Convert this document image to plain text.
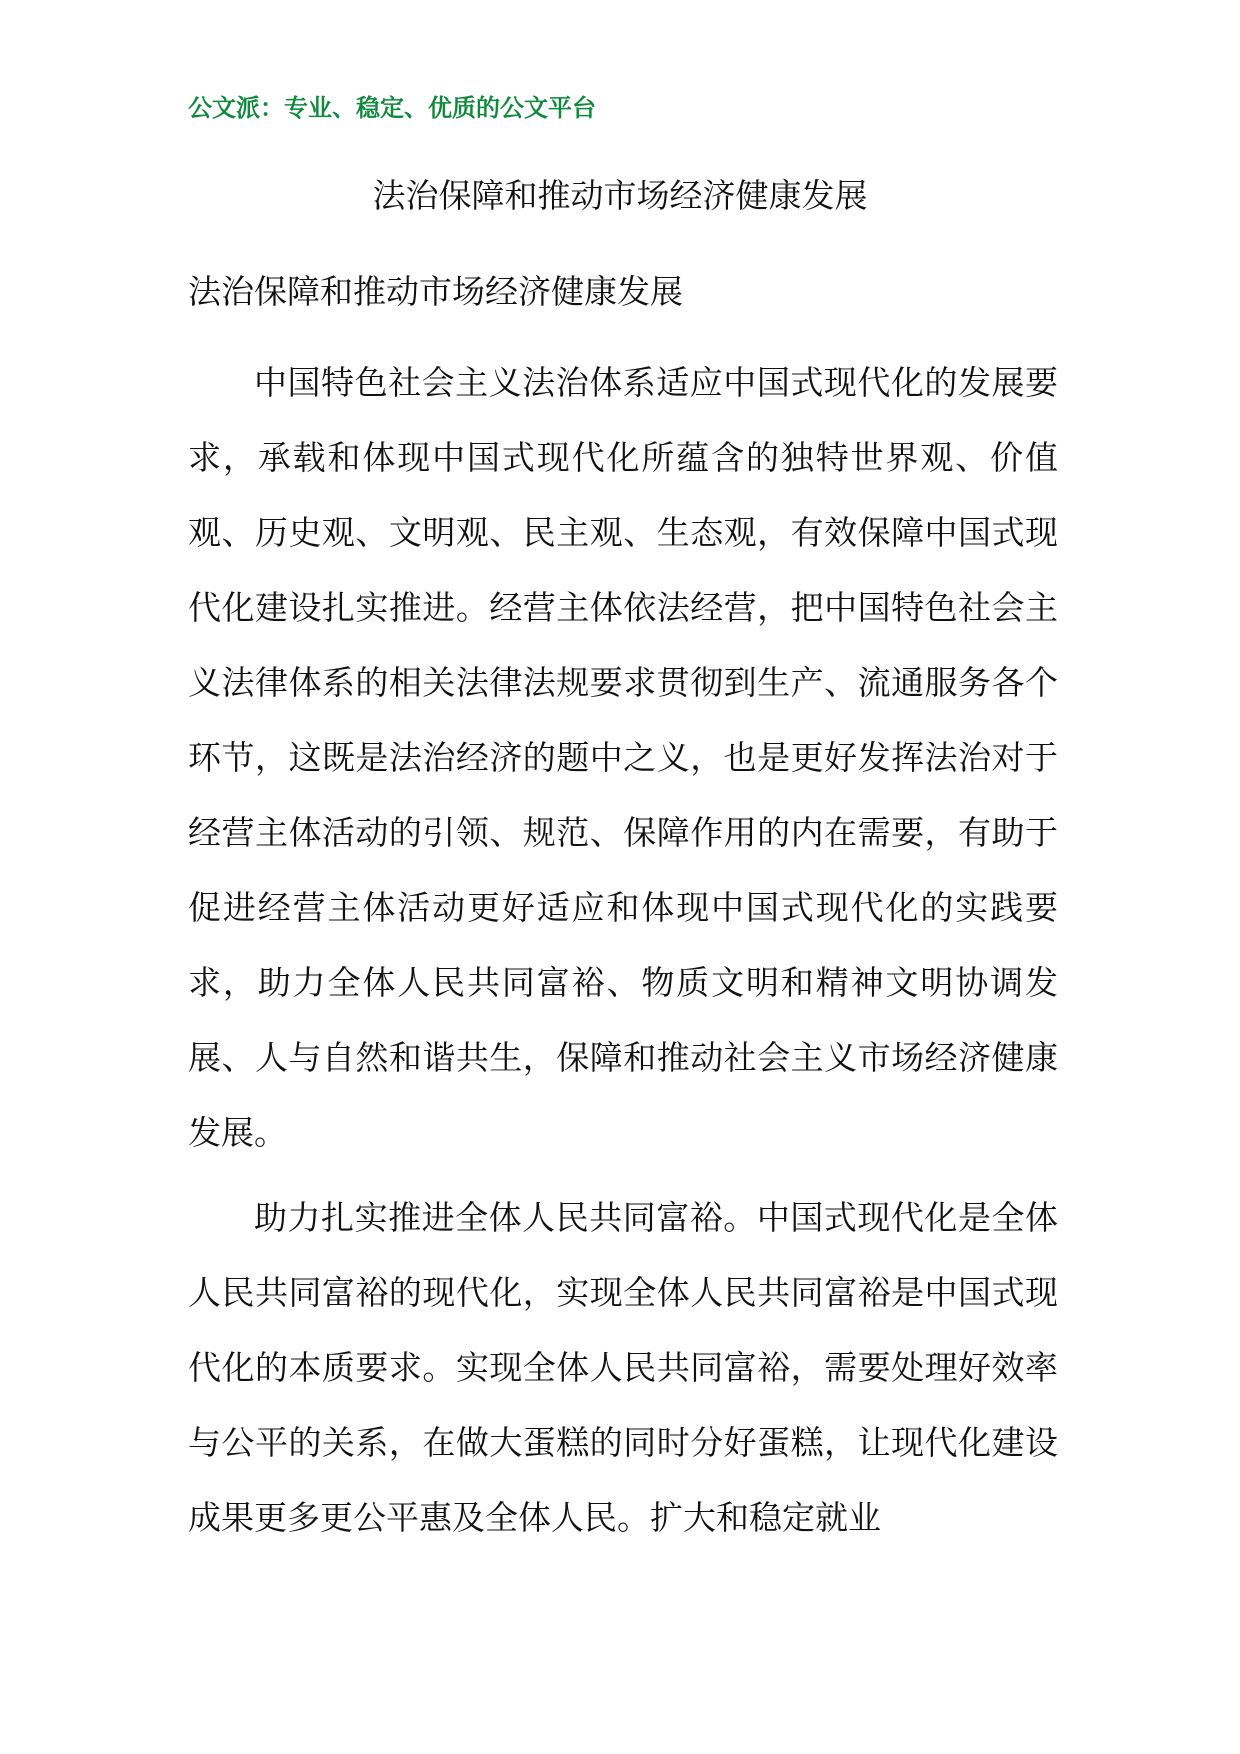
公文派：专业、稳定、优质的公文平台
法治保障和推动市场经济健康发展
法治保障和推动市场经济健康发展

中国特色社会主义法治体系适应中国式现代化的发展要求，承载和体现中国式现代化所蕴含的独特世界观、价值观、历史观、文明观、民主观、生态观，有效保障中国式现代化建设扎实推进。经营主体依法经营，把中国特色社会主义法律体系的相关法律法规要求贯彻到生产、流通服务各个环节，这既是法治经济的题中之义，也是更好发挥法治对于经营主体活动的引领、规范、保障作用的内在需要，有助于促进经营主体活动更好适应和体现中国式现代化的实践要求，助力全体人民共同富裕、物质文明和精神文明协调发展、人与自然和谐共生，保障和推动社会主义市场经济健康发展。

助力扎实推进全体人民共同富裕。中国式现代化是全体人民共同富裕的现代化，实现全体人民共同富裕是中国式现代化的本质要求。实现全体人民共同富裕，需要处理好效率与公平的关系，在做大蛋糕的同时分好蛋糕，让现代化建设成果更多更公平惠及全体人民。扩大和稳定就业
